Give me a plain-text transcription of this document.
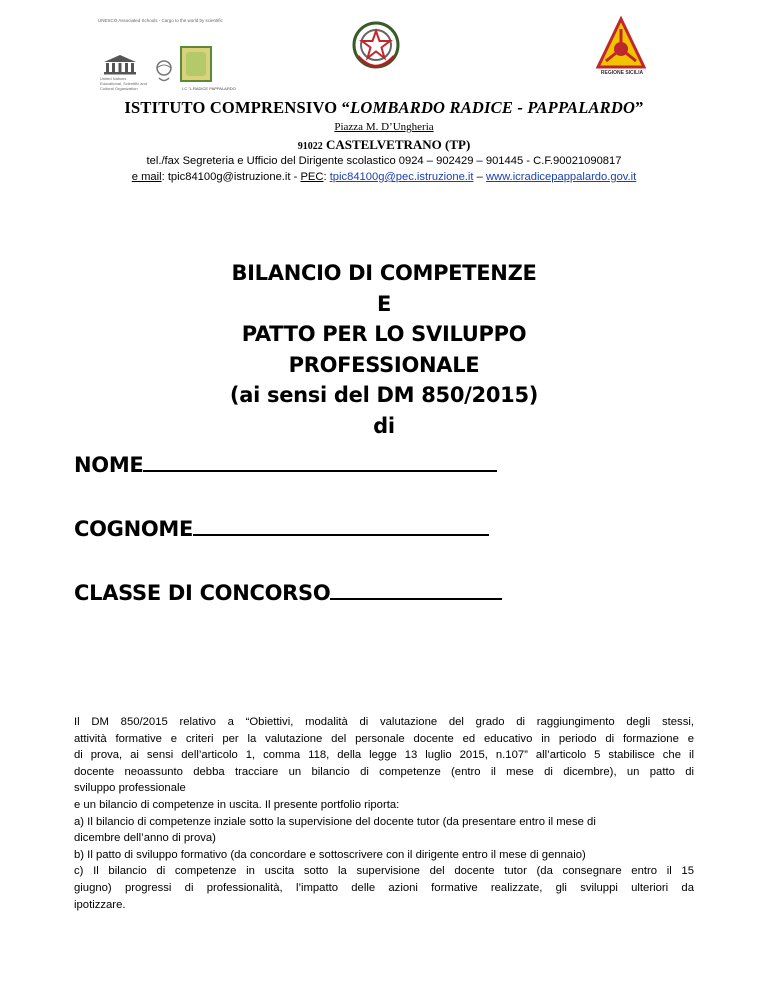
UNESCO Associated Schools - Cargo to the world by scientific
United Nations
Educational, Scientific and
Cultural Organization	I.C."L.RADICE PAPPALARDO
REGIONE SICILIA
ISTITUTO COMPRENSIVO “LOMBARDO RADICE - PAPPALARDO”
Piazza M. D’Ungheria
91022 CASTELVETRANO (TP)
tel./fax Segreteria e Ufficio del Dirigente scolastico 0924 – 902429 – 901445 - C.F.90021090817
e mail: tpic84100g@istruzione.it - PEC: tpic84100g@pec.istruzione.it – www.icradicepappalardo.gov.it
BILANCIO DI COMPETENZE
E
PATTO PER LO SVILUPPO
PROFESSIONALE
(ai sensi del DM 850/2015)
di
NOME
COGNOME
CLASSE DI CONCORSO

Il DM 850/2015 relativo a “Obiettivi, modalità di valutazione del grado di raggiungimento degli stessi,

attività formative e criteri per la valutazione del personale docente ed educativo in periodo di formazione e

di prova, ai sensi dell’articolo 1, comma 118, della legge 13 luglio 2015, n.107” all’articolo 5 stabilisce che il

docente neoassunto debba tracciare un bilancio di competenze (entro il mese di dicembre), un patto di

sviluppo professionale

e un bilancio di competenze in uscita. Il presente portfolio riporta:

a) Il bilancio di competenze inziale sotto la supervisione del docente tutor (da presentare entro il mese di

dicembre dell’anno di prova)

b) Il patto di sviluppo formativo (da concordare e sottoscrivere con il dirigente entro il mese di gennaio)

c) Il bilancio di competenze in uscita sotto la supervisione del docente tutor (da consegnare entro il 15

giugno) progressi di professionalità, l’impatto delle azioni formative realizzate, gli sviluppi ulteriori da

ipotizzare.
